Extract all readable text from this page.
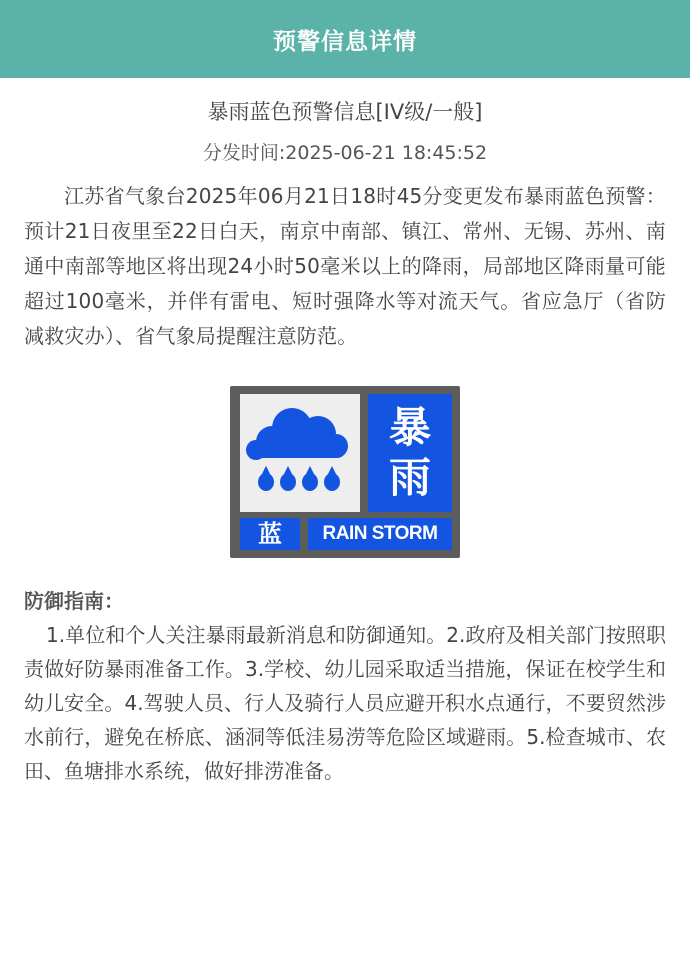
预警信息详情
暴雨蓝色预警信息[IV级/一般]
分发时间:2025-06-21 18:45:52

江苏省气象台2025年06月21日18时45分变更发布暴雨蓝色预警：预计21日夜里至22日白天，南京中南部、镇江、常州、无锡、苏州、南通中南部等地区将出现24小时50毫米以上的降雨，局部地区降雨量可能超过100毫米，并伴有雷电、短时强降水等对流天气。省应急厅（省防减救灾办）、省气象局提醒注意防范。

暴
雨
蓝 RAIN STORM
防御指南：

1.单位和个人关注暴雨最新消息和防御通知。2.政府及相关部门按照职责做好防暴雨准备工作。3.学校、幼儿园采取适当措施，保证在校学生和幼儿安全。4.驾驶人员、行人及骑行人员应避开积水点通行，不要贸然涉水前行，避免在桥底、涵洞等低洼易涝等危险区域避雨。5.检查城市、农田、鱼塘排水系统，做好排涝准备。
